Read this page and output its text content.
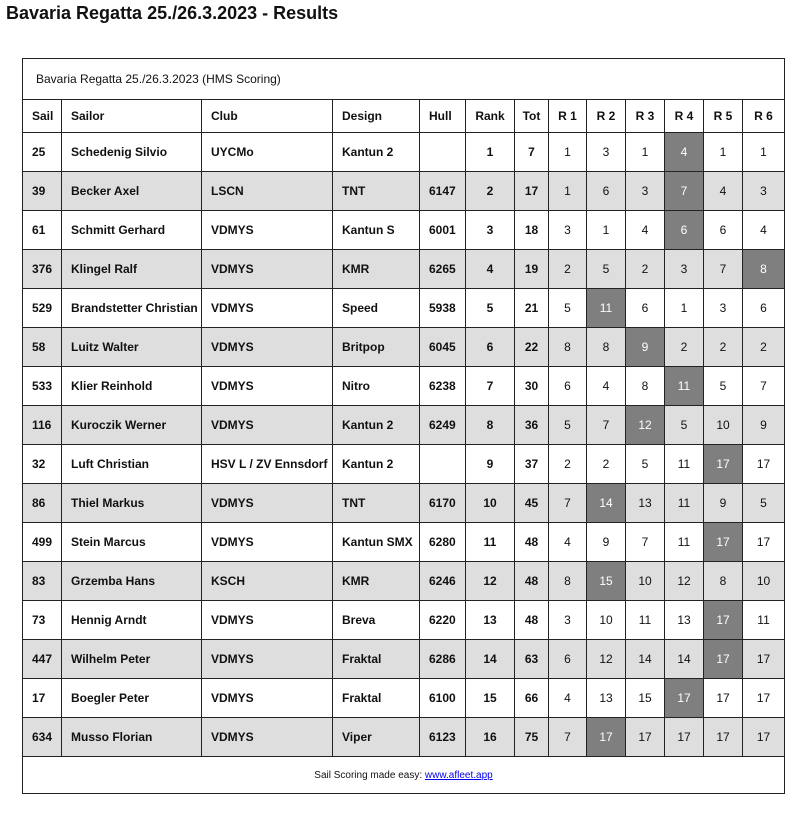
Bavaria Regatta 25./26.3.2023 - Results
Bavaria Regatta 25./26.3.2023 (HMS Scoring)												
Sail	Sailor	Club	Design	Hull	Rank	Tot	R 1	R 2	R 3	R 4	R 5	R 6
25	Schedenig Silvio	UYCMo	Kantun 2		1	7	1	3	1	4	1	1
39	Becker Axel	LSCN	TNT	6147	2	17	1	6	3	7	4	3
61	Schmitt Gerhard	VDMYS	Kantun S	6001	3	18	3	1	4	6	6	4
376	Klingel Ralf	VDMYS	KMR	6265	4	19	2	5	2	3	7	8
529	Brandstetter Christian	VDMYS	Speed	5938	5	21	5	11	6	1	3	6
58	Luitz Walter	VDMYS	Britpop	6045	6	22	8	8	9	2	2	2
533	Klier Reinhold	VDMYS	Nitro	6238	7	30	6	4	8	11	5	7
116	Kuroczik Werner	VDMYS	Kantun 2	6249	8	36	5	7	12	5	10	9
32	Luft Christian	HSV L / ZV Ennsdorf	Kantun 2		9	37	2	2	5	11	17	17
86	Thiel Markus	VDMYS	TNT	6170	10	45	7	14	13	11	9	5
499	Stein Marcus	VDMYS	Kantun SMX	6280	11	48	4	9	7	11	17	17
83	Grzemba Hans	KSCH	KMR	6246	12	48	8	15	10	12	8	10
73	Hennig Arndt	VDMYS	Breva	6220	13	48	3	10	11	13	17	11
447	Wilhelm Peter	VDMYS	Fraktal	6286	14	63	6	12	14	14	17	17
17	Boegler Peter	VDMYS	Fraktal	6100	15	66	4	13	15	17	17	17
634	Musso Florian	VDMYS	Viper	6123	16	75	7	17	17	17	17	17
Sail Scoring made easy: www.afleet.app												
